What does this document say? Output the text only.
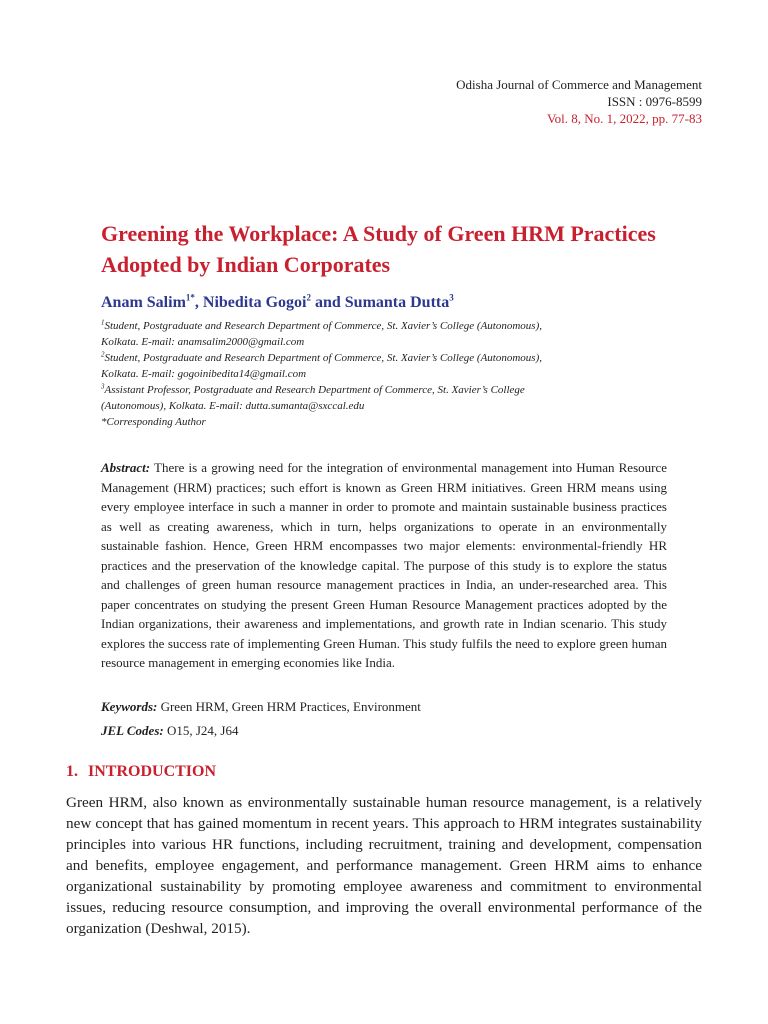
Odisha Journal of Commerce and Management
ISSN : 0976-8599
Vol. 8, No. 1, 2022, pp. 77-83
Greening the Workplace: A Study of Green HRM Practices Adopted by Indian Corporates
Anam Salim$^{1*}$, Nibedita Gogoi$^2$ and Sumanta Dutta$^3$
$^1$Student, Postgraduate and Research Department of Commerce, St. Xavier’s College (Autonomous),
Kolkata. E-mail: anamsalim2000@gmail.com
$^2$Student, Postgraduate and Research Department of Commerce, St. Xavier’s College (Autonomous),
Kolkata. E-mail: gogoinibedita14@gmail.com
$^3$Assistant Professor, Postgraduate and Research Department of Commerce, St. Xavier’s College
(Autonomous), Kolkata. E-mail: dutta.sumanta@sxccal.edu
*Corresponding Author

Abstract: There is a growing need for the integration of environmental management into Human Resource Management (HRM) practices; such effort is known as Green HRM initiatives. Green HRM means using every employee interface in such a manner in order to promote and maintain sustainable business practices as well as creating awareness, which in turn, helps organizations to operate in an environmentally sustainable fashion. Hence, Green HRM encompasses two major elements: environmental-friendly HR practices and the preservation of the knowledge capital. The purpose of this study is to explore the status and challenges of green human resource management practices in India, an under-researched area. This paper concentrates on studying the present Green Human Resource Management practices adopted by the Indian organizations, their awareness and implementations, and growth rate in Indian scenario. This study explores the success rate of implementing Green Human. This study fulfils the need to explore green human resource management in emerging economies like India.

Keywords: Green HRM, Green HRM Practices, Environment
JEL Codes: O15, J24, J64
1. INTRODUCTION

Green HRM, also known as environmentally sustainable human resource management, is a relatively new concept that has gained momentum in recent years. This approach to HRM integrates sustainability principles into various HR functions, including recruitment, training and development, compensation and benefits, employee engagement, and performance management. Green HRM aims to enhance organizational sustainability by promoting employee awareness and commitment to environmental issues, reducing resource consumption, and improving the overall environmental performance of the organization (Deshwal, 2015).
